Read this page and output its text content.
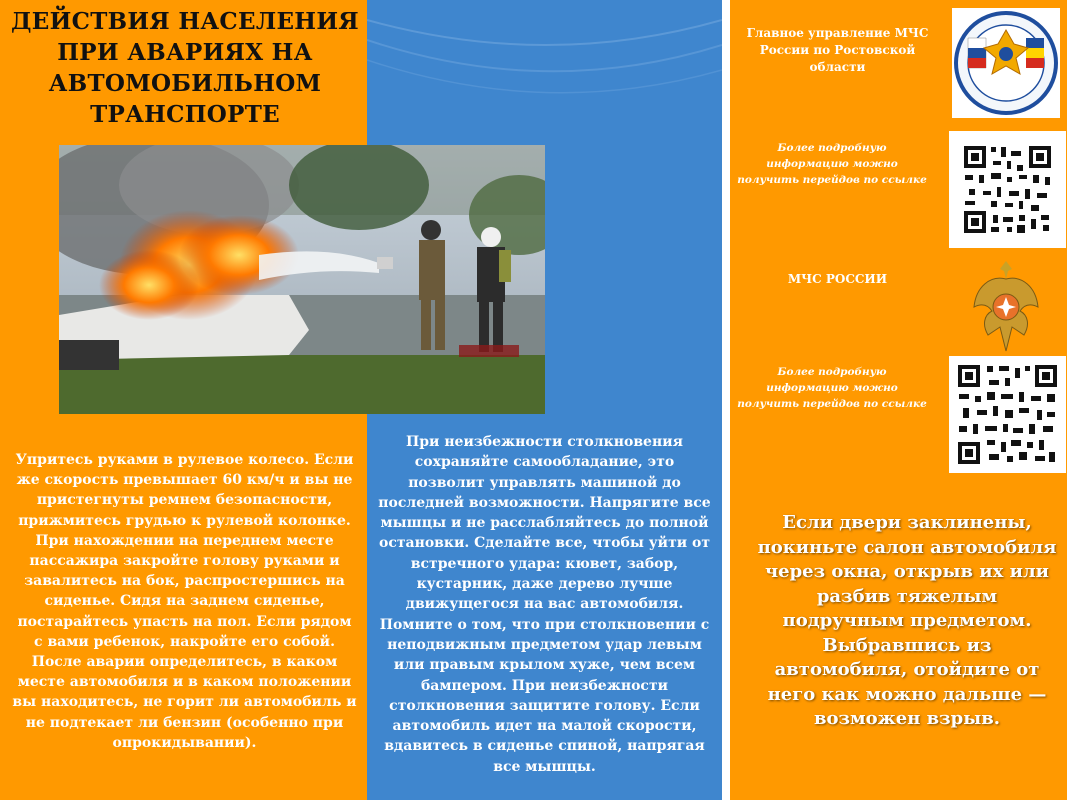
ДЕЙСТВИЯ НАСЕЛЕНИЯ ПРИ АВАРИЯХ НА АВТОМОБИЛЬНОМ ТРАНСПОРТЕ
Упритесь руками в рулевое колесо. Если же скорость превышает 60 км/ч и вы не пристегнуты ремнем безопасности, прижмитесь грудью к рулевой колонке. При нахождении на переднем месте пассажира закройте голову руками и завалитесь на бок, распростершись на сиденье. Сидя на заднем сиденье, постарайтесь упасть на пол. Если рядом с вами ребенок, накройте его собой. После аварии определитесь, в каком месте автомобиля и в каком положении вы находитесь, не горит ли автомобиль и не подтекает ли бензин (особенно при опрокидывании).
При неизбежности столкновения сохраняйте самообладание, это позволит управлять машиной до последней возможности. Напрягите все мышцы и не расслабляйтесь до полной остановки. Сделайте все, чтобы уйти от встречного удара: кювет, забор, кустарник, даже дерево лучше движущегося на вас автомобиля. Помните о том, что при столкновении с неподвижным предметом удар левым или правым крылом хуже, чем всем бампером. При неизбежности столкновения защитите голову. Если автомобиль идет на малой скорости, вдавитесь в сиденье спиной, напрягая все мышцы.
Главное управление МЧС России по Ростовской области
Более подробную информацию можно получить перейдов по ссылке
МЧС РОССИИ
Более подробную информацию можно получить перейдов по ссылке
Если двери заклинены, покиньте салон автомобиля через окна, открыв их или разбив тяжелым подручным предметом. Выбравшись из автомобиля, отойдите от него как можно дальше — возможен взрыв.
